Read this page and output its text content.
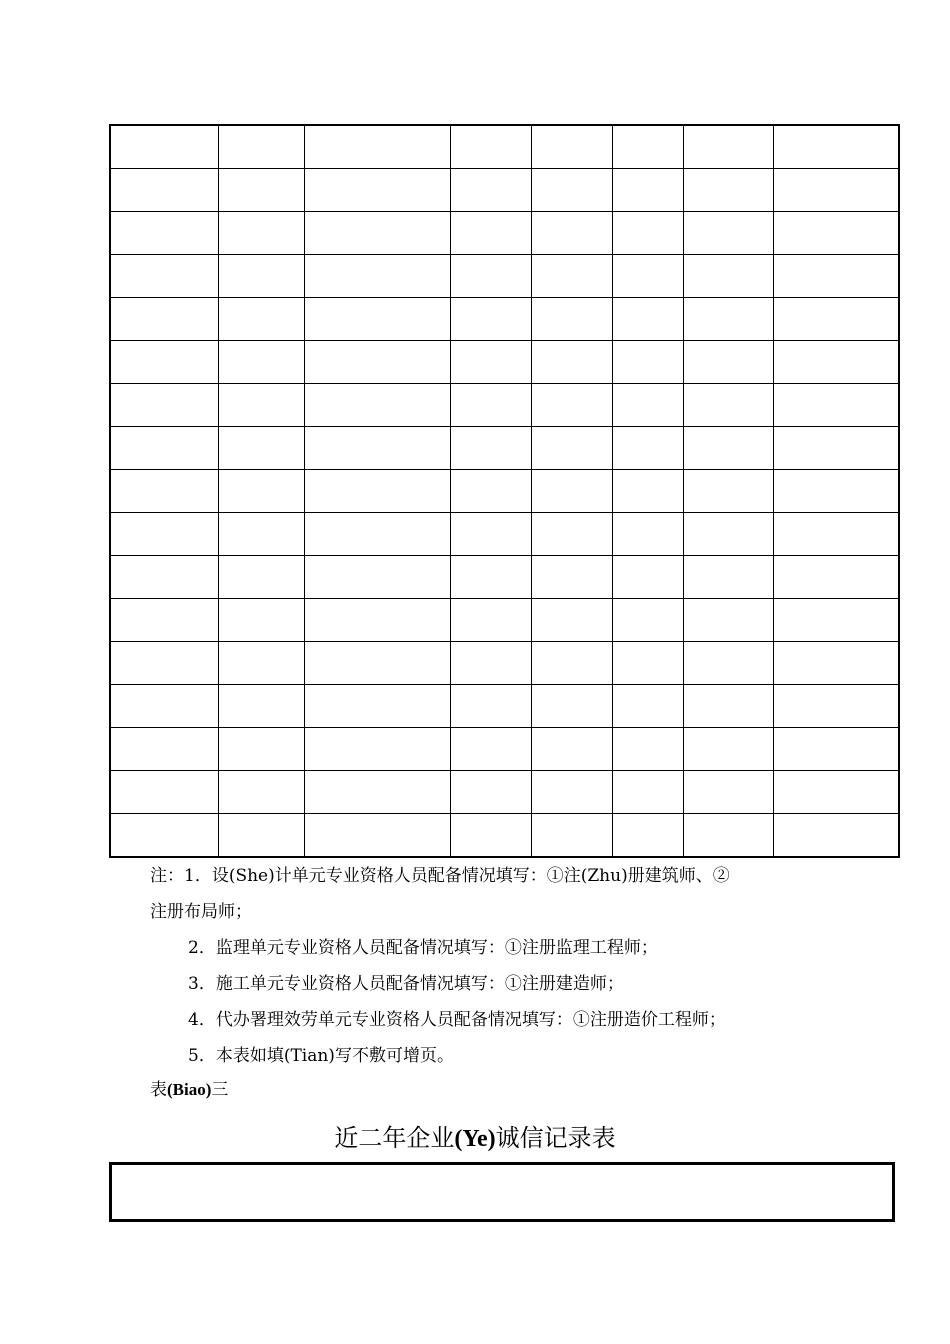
注：1．设(She)计单元专业资格人员配备情况填写：①注(Zhu)册建筑师、②
注册布局师；
2．监理单元专业资格人员配备情况填写：①注册监理工程师；
3．施工单元专业资格人员配备情况填写：①注册建造师；
4．代办署理效劳单元专业资格人员配备情况填写：①注册造价工程师；
5．本表如填(Tian)写不敷可增页。
表(Biao)三
近二年企业(Ye)诚信记录表
